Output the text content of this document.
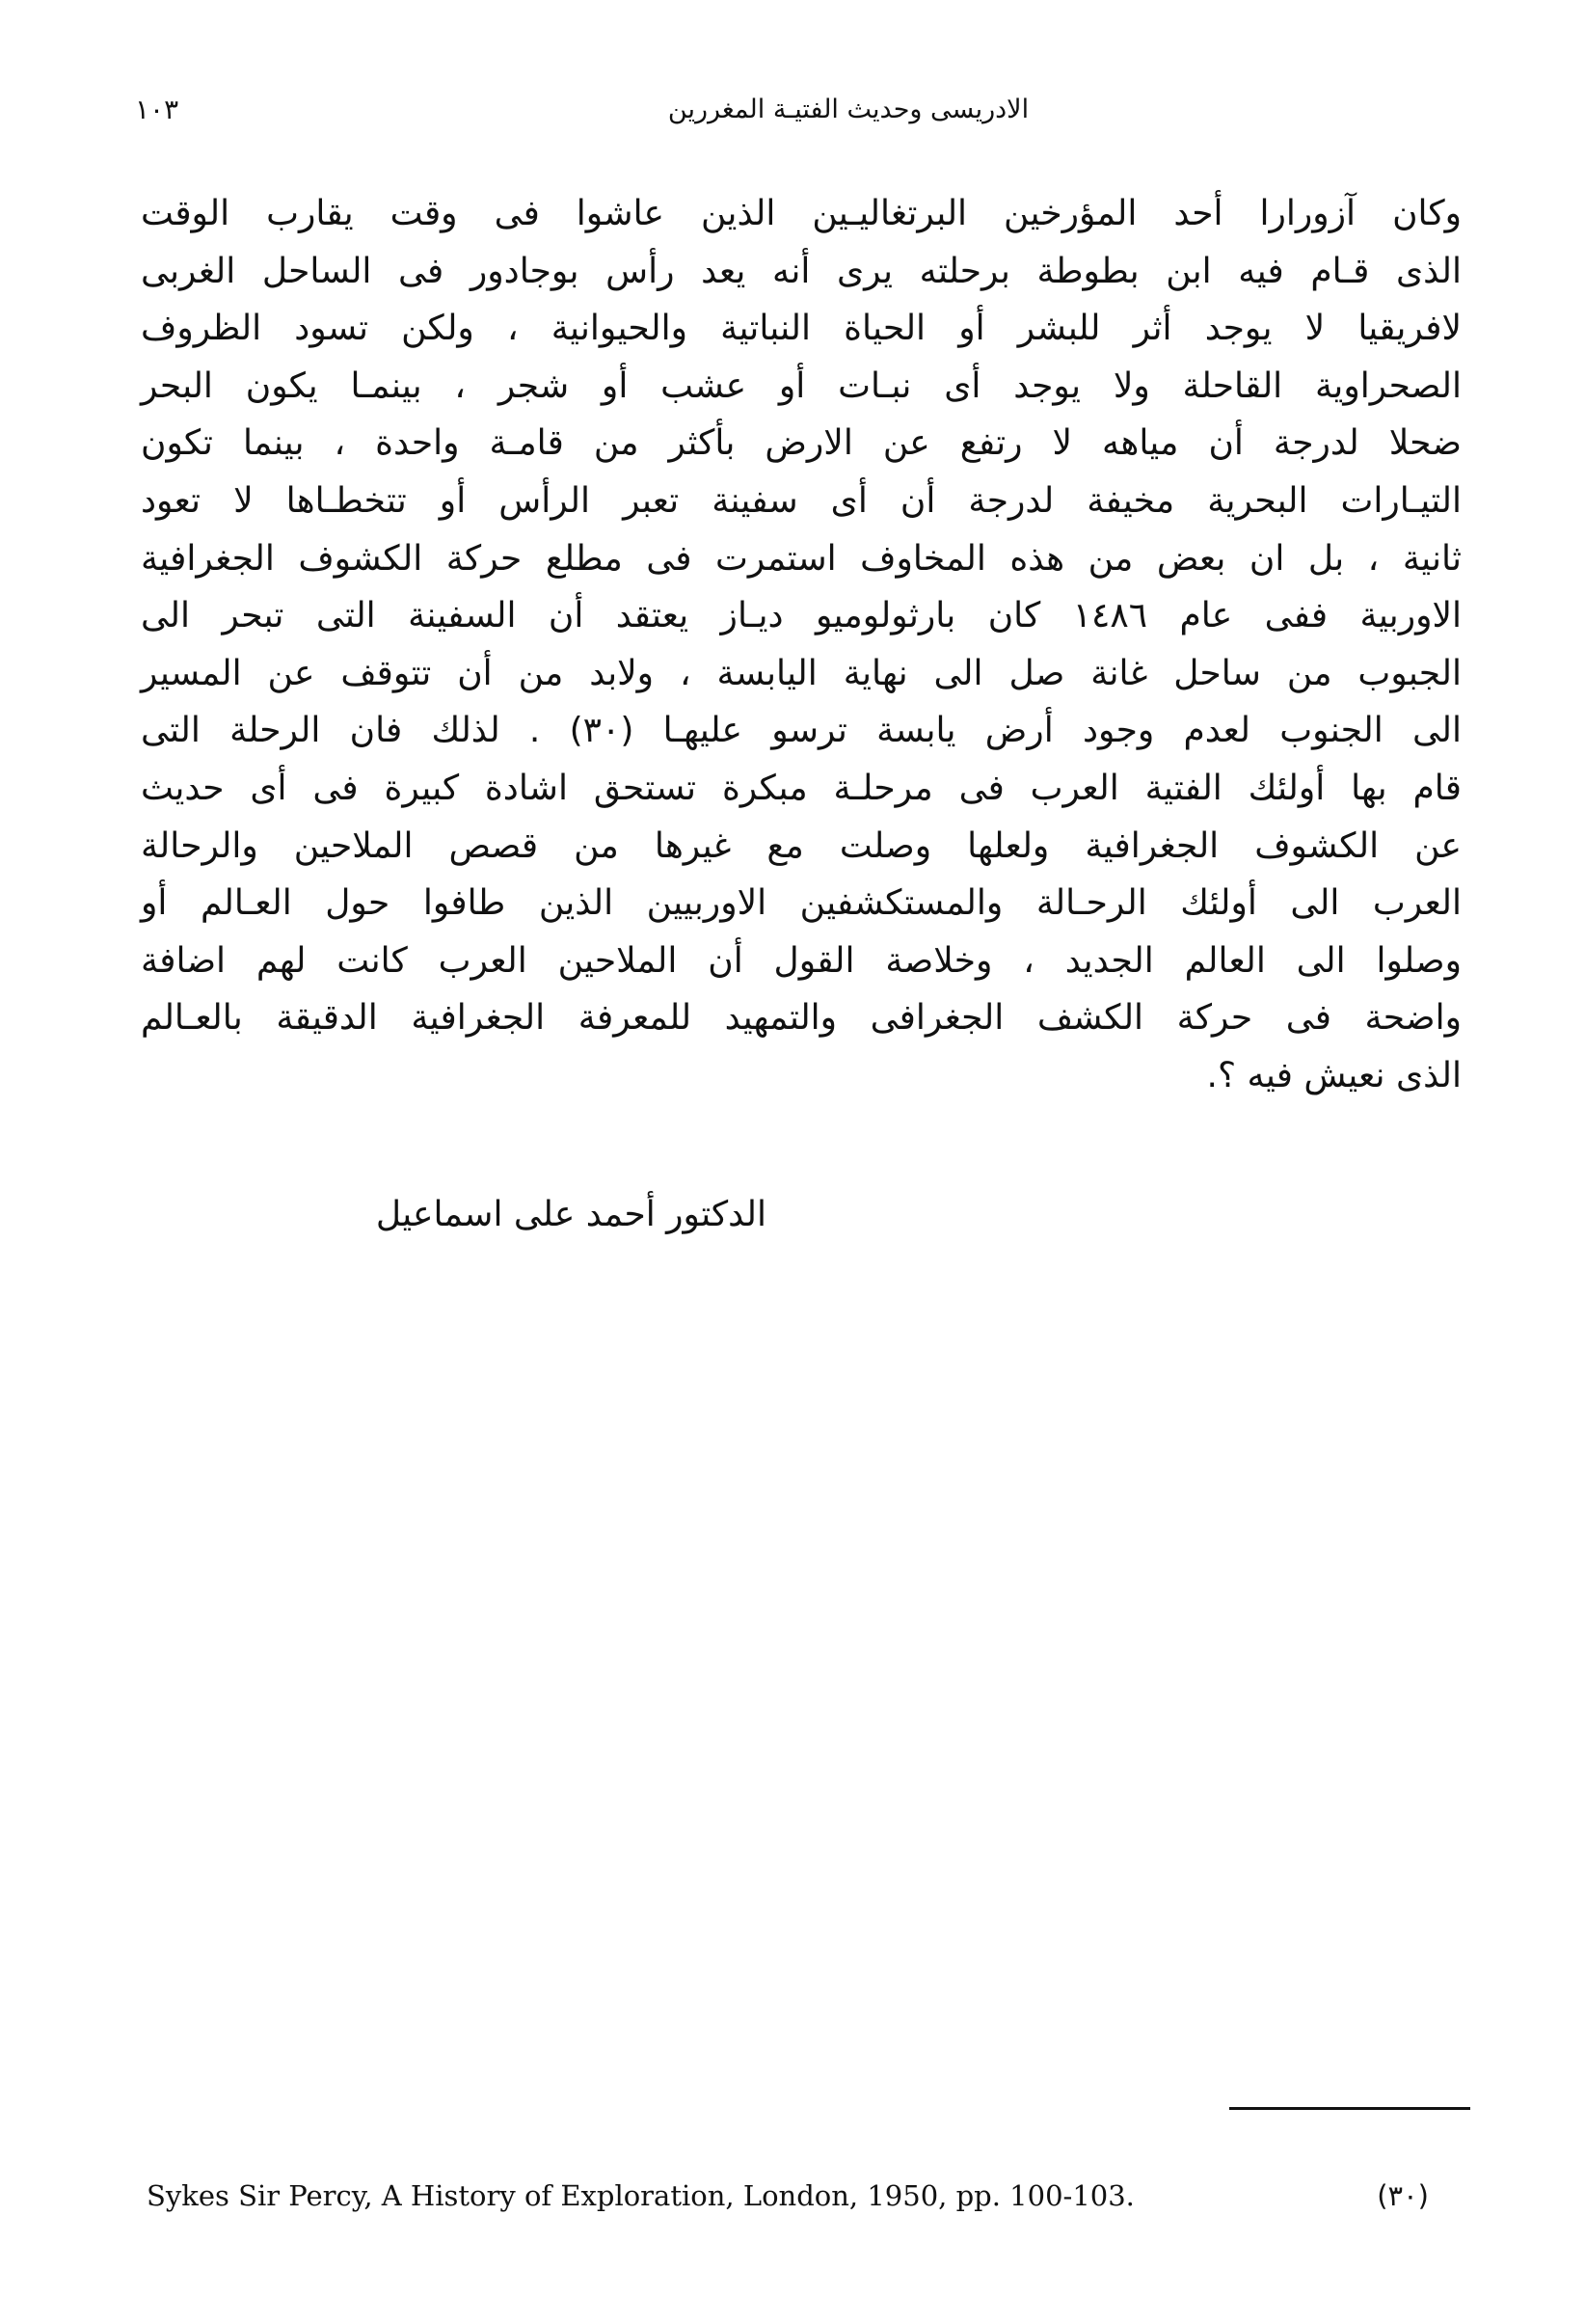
١٠٣	الادريسى وحديث الفتيـة المغررين
وكان آزورارا أحد المؤرخين البرتغاليـين الذين عاشوا فى وقت يقارب الوقت
الذى قـام فيه ابن بطوطة برحلته يرى أنه يعد رأس بوجادور فى الساحل الغربى
لافريقيا لا يوجد أثر للبشر أو الحياة النباتية والحيوانية ، ولكن تسود الظروف
الصحراوية القاحلة ولا يوجد أى نبـات أو عشب أو شجر ، بينمـا يكون البحر
ضحلا لدرجة أن مياهه لا رتفع عن الارض بأكثر من قامـة واحدة ، بينما تكون
التيـارات البحرية مخيفة لدرجة أن أى سفينة تعبر الرأس أو تتخطـاها لا تعود
ثانية ، بل ان بعض من هذه المخاوف استمرت فى مطلع حركة الكشوف الجغرافية
الاوربية ففى عام ١٤٨٦ كان بارثولوميو ديـاز يعتقد أن السفينة التى تبحر الى
الجبوب من ساحل غانة صل الى نهاية اليابسة ، ولابد من أن تتوقف عن المسير
الى الجنوب لعدم وجود أرض يابسة ترسو عليهـا (٣٠) . لذلك فان الرحلة التى
قام بها أولئك الفتية العرب فى مرحلـة مبكرة تستحق اشادة كبيرة فى أى حديث
عن الكشوف الجغرافية ولعلها وصلت مع غيرها من قصص الملاحين والرحالة
العرب الى أولئك الرحـالة والمستكشفين الاوربيين الذين طافوا حول العـالم أو
وصلوا الى العالم الجديد ، وخلاصة القول أن الملاحين العرب كانت لهم اضافة
واضحة فى حركة الكشف الجغرافى والتمهيد للمعرفة الجغرافية الدقيقة بالعـالم
الذى نعيش فيه ؟.
الدكتور أحمد على اسماعيل
Sykes Sir Percy, A History of Exploration, London, 1950, pp. 100-103.	(٣٠)
